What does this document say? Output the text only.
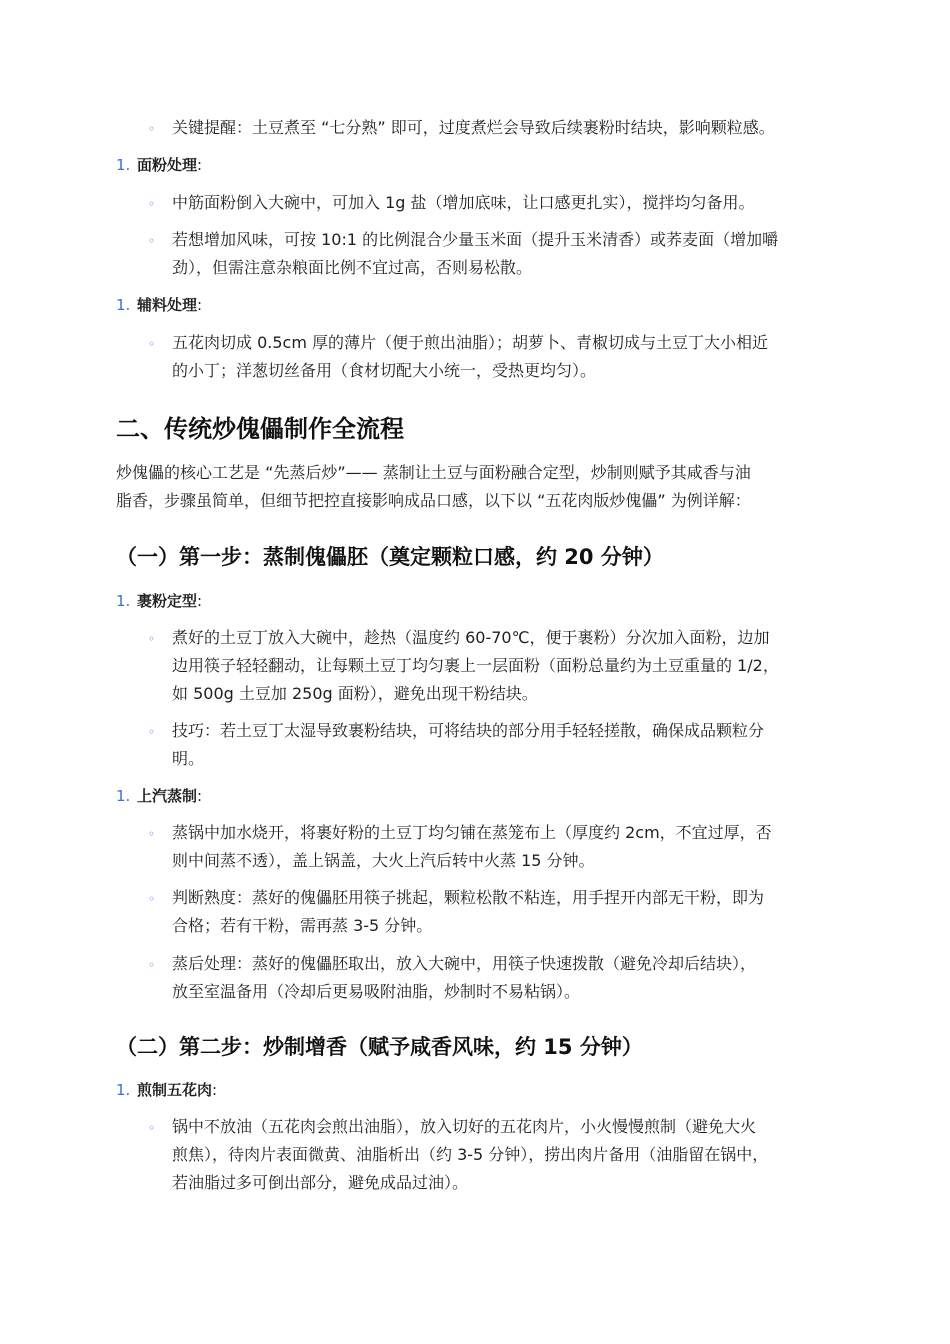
◦ 关键提醒：土豆煮至 “七分熟” 即可，过度煮烂会导致后续裹粉时结块，影响颗粒感。
1. 面粉处理:
◦ 中筋面粉倒入大碗中，可加入 1g 盐（增加底味，让口感更扎实），搅拌均匀备用。
◦ 若想增加风味，可按 10:1 的比例混合少量玉米面（提升玉米清香）或荞麦面（增加嚼
劲），但需注意杂粮面比例不宜过高，否则易松散。
1. 辅料处理:
◦ 五花肉切成 0.5cm 厚的薄片（便于煎出油脂）；胡萝卜、青椒切成与土豆丁大小相近
的小丁；洋葱切丝备用（食材切配大小统一，受热更均匀）。
二、传统炒傀儡制作全流程
炒傀儡的核心工艺是 “先蒸后炒”—— 蒸制让土豆与面粉融合定型，炒制则赋予其咸香与油
脂香，步骤虽简单，但细节把控直接影响成品口感，以下以 “五花肉版炒傀儡” 为例详解：
（一）第一步：蒸制傀儡胚（奠定颗粒口感，约 20 分钟）
1. 裹粉定型:
◦ 煮好的土豆丁放入大碗中，趁热（温度约 60-70℃，便于裹粉）分次加入面粉，边加
边用筷子轻轻翻动，让每颗土豆丁均匀裹上一层面粉（面粉总量约为土豆重量的 1/2，
如 500g 土豆加 250g 面粉），避免出现干粉结块。
◦ 技巧：若土豆丁太湿导致裹粉结块，可将结块的部分用手轻轻搓散，确保成品颗粒分
明。
1. 上汽蒸制:
◦ 蒸锅中加水烧开，将裹好粉的土豆丁均匀铺在蒸笼布上（厚度约 2cm，不宜过厚，否
则中间蒸不透），盖上锅盖，大火上汽后转中火蒸 15 分钟。
◦ 判断熟度：蒸好的傀儡胚用筷子挑起，颗粒松散不粘连，用手捏开内部无干粉，即为
合格；若有干粉，需再蒸 3-5 分钟。
◦ 蒸后处理：蒸好的傀儡胚取出，放入大碗中，用筷子快速拨散（避免冷却后结块），
放至室温备用（冷却后更易吸附油脂，炒制时不易粘锅）。
（二）第二步：炒制增香（赋予咸香风味，约 15 分钟）
1. 煎制五花肉:
◦ 锅中不放油（五花肉会煎出油脂），放入切好的五花肉片，小火慢慢煎制（避免大火
煎焦），待肉片表面微黄、油脂析出（约 3-5 分钟），捞出肉片备用（油脂留在锅中，
若油脂过多可倒出部分，避免成品过油）。
